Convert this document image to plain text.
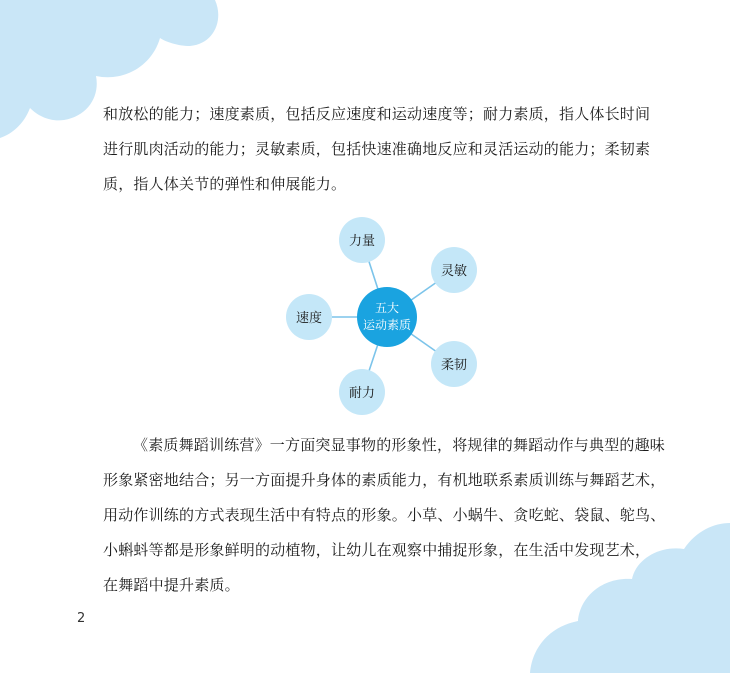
和放松的能力；速度素质，包括反应速度和运动速度等；耐力素质，指人体长时间
进行肌肉活动的能力；灵敏素质，包括快速准确地反应和灵活运动的能力；柔韧素
质，指人体关节的弹性和伸展能力。

力量
灵敏
速度
柔韧
耐力
五大
运动素质

《素质舞蹈训练营》一方面突显事物的形象性，将规律的舞蹈动作与典型的趣味
形象紧密地结合；另一方面提升身体的素质能力，有机地联系素质训练与舞蹈艺术，
用动作训练的方式表现生活中有特点的形象。小草、小蜗牛、贪吃蛇、袋鼠、鸵鸟、
小蝌蚪等都是形象鲜明的动植物，让幼儿在观察中捕捉形象，在生活中发现艺术，
在舞蹈中提升素质。

2
